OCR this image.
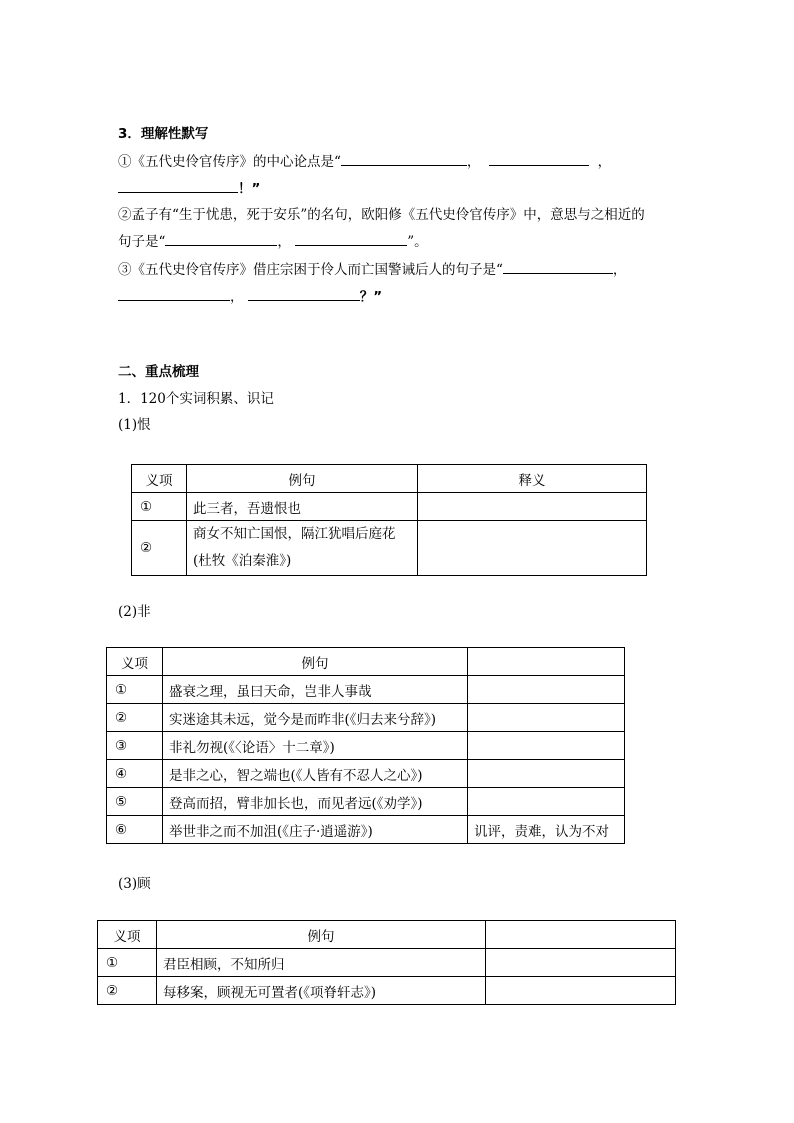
3．理解性默写
①《五代史伶官传序》的中心论点是“	，	，
！”
②孟子有“生于忧患，死于安乐”的名句，欧阳修《五代史伶官传序》中，意思与之相近的
句子是“	，	”。
③《五代史伶官传序》借庄宗困于伶人而亡国警诫后人的句子是“	，
，	？”
二、重点梳理
1．120个实词积累、识记
(1)恨
义项	例句	释义
①	此三者，吾遗恨也	
②	商女不知亡国恨，隔江犹唱后庭花
(杜牧《泊秦淮》)	

(2)非
义项	例句	
①	盛衰之理，虽曰天命，岂非人事哉	
②	实迷途其未远，觉今是而昨非(《归去来兮辞》)	
③	非礼勿视(《〈论语〉十二章》)	
④	是非之心，智之端也(《人皆有不忍人之心》)	
⑤	登高而招，臂非加长也，而见者远(《劝学》)	
⑥	举世非之而不加沮(《庄子·逍遥游》)	讥评，责难，认为不对
(3)顾
义项	例句	
①	君臣相顾，不知所归	
②	每移案，顾视无可置者(《项脊轩志》)	
